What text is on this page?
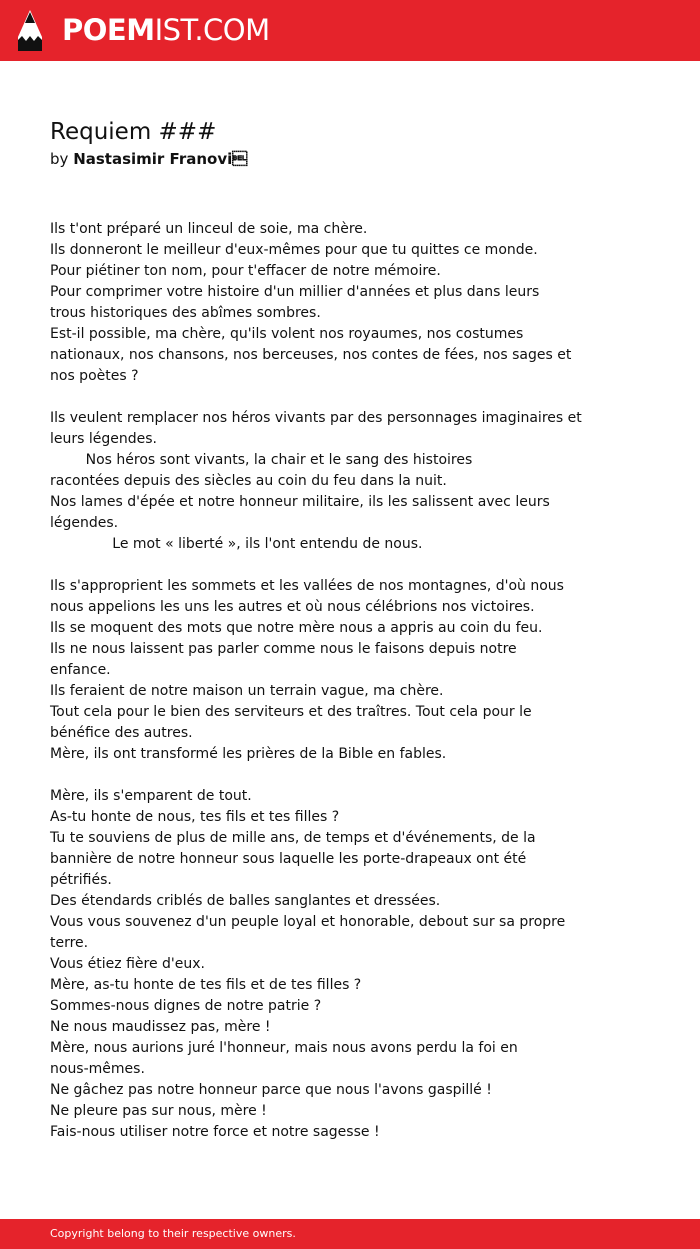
POEMIST.COM
Requiem ###

by Nastasimir Franovi

Ils t'ont préparé un linceul de soie, ma chère.
Ils donneront le meilleur d'eux-mêmes pour que tu quittes ce monde.
Pour piétiner ton nom, pour t'effacer de notre mémoire.
Pour comprimer votre histoire d'un millier d'années et plus dans leurs
trous historiques des abîmes sombres.
Est-il possible, ma chère, qu'ils volent nos royaumes, nos costumes
nationaux, nos chansons, nos berceuses, nos contes de fées, nos sages et
nos poètes ?

Ils veulent remplacer nos héros vivants par des personnages imaginaires et
leurs légendes.
Nos héros sont vivants, la chair et le sang des histoires
racontées depuis des siècles au coin du feu dans la nuit.
Nos lames d'épée et notre honneur militaire, ils les salissent avec leurs
légendes.
Le mot « liberté », ils l'ont entendu de nous.

Ils s'approprient les sommets et les vallées de nos montagnes, d'où nous
nous appelions les uns les autres et où nous célébrions nos victoires.
Ils se moquent des mots que notre mère nous a appris au coin du feu.
Ils ne nous laissent pas parler comme nous le faisons depuis notre
enfance.
Ils feraient de notre maison un terrain vague, ma chère.
Tout cela pour le bien des serviteurs et des traîtres. Tout cela pour le
bénéfice des autres.
Mère, ils ont transformé les prières de la Bible en fables.

Mère, ils s'emparent de tout.
As-tu honte de nous, tes fils et tes filles ?
Tu te souviens de plus de mille ans, de temps et d'événements, de la
bannière de notre honneur sous laquelle les porte-drapeaux ont été
pétrifiés.
Des étendards criblés de balles sanglantes et dressées.
Vous vous souvenez d'un peuple loyal et honorable, debout sur sa propre
terre.
Vous étiez fière d'eux.
Mère, as-tu honte de tes fils et de tes filles ?
Sommes-nous dignes de notre patrie ?
Ne nous maudissez pas, mère !
Mère, nous aurions juré l'honneur, mais nous avons perdu la foi en
nous-mêmes.
Ne gâchez pas notre honneur parce que nous l'avons gaspillé !
Ne pleure pas sur nous, mère !
Fais-nous utiliser notre force et notre sagesse !

Copyright belong to their respective owners.
